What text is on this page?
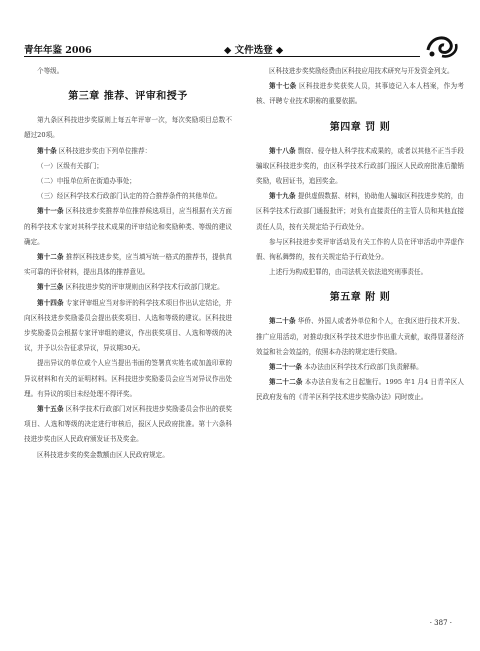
青年年鉴 2006	◆ 文件选登 ◆

个等级。

第三章 推荐、评审和授予

第九条区科技进步奖原则上每五年评审一次，每次奖励项目总数不超过20项。

第十条 区科技进步奖由下列单位推荐：

（一）区级有关部门；

（二）申报单位所在街道办事处；

（三）经区科学技术行政部门认定的符合推荐条件的其他单位。

第十一条 区科技进步奖推荐单位推荐候选项目，应当根据有关方面的科学技术专家对其科学技术成果的评审结论和奖励种类、等级的建议确定。

第十二条 推荐区科技进步奖，应当填写统一格式的推荐书，提供真实可靠的评价材料，提出具体的推荐意见。

第十三条 区科技进步奖的评审规则由区科学技术行政部门规定。

第十四条 专家评审组应当对参评的科学技术项目作出认定结论，并向区科技进步奖励委员会提出获奖项目、人选和等级的建议。区科技进步奖励委员会根据专家评审组的建议，作出获奖项目、人选和等级的决议，并予以公告征求异议，异议期30天。

提出异议的单位或个人应当提出书面的签署真实姓名或加盖印章的异议材料和有关的证明材料。区科技进步奖励委员会应当对异议作出处理。有异议的项目未经处理不得评奖。

第十五条 区科学技术行政部门对区科技进步奖励委员会作出的获奖项目、人选和等级的决定进行审核后，报区人民政府批准。第十六条科技进步奖由区人民政府颁发证书及奖金。

区科技进步奖的奖金数额由区人民政府规定。

区科技进步奖奖励经费由区科技应用技术研究与开发资金列支。

第十七条 区科技进步奖获奖人员，其事迹记入本人档案，作为考核、评聘专业技术职称的重要依据。

第四章 罚 则

第十八条 剽窃、侵夺他人科学技术成果的，或者以其他不正当手段骗取区科技进步奖的，由区科学技术行政部门报区人民政府批准后撤销奖励，收回证书，追回奖金。

第十九条 提供虚假数据、材料，协助他人骗取区科技进步奖的，由区科学技术行政部门通报批评；对负有直接责任的主管人员和其他直接责任人员，按有关规定给予行政处分。

参与区科技进步奖评审活动及有关工作的人员在评审活动中弄虚作假、徇私舞弊的，按有关规定给予行政处分。

上述行为构成犯罪的，由司法机关依法追究刑事责任。

第五章 附 则

第二十条 华侨、外国人或者外单位和个人，在我区进行技术开发、推广应用活动，对推动我区科学技术进步作出重大贡献，取得显著经济效益和社会效益的，依照本办法的规定进行奖励。

第二十一条 本办法由区科学技术行政部门负责解释。

第二十二条 本办法自发布之日起施行。1995 年1 月4 日青羊区人民政府发布的《青羊区科学技术进步奖励办法》同时废止。

· 387 ·
